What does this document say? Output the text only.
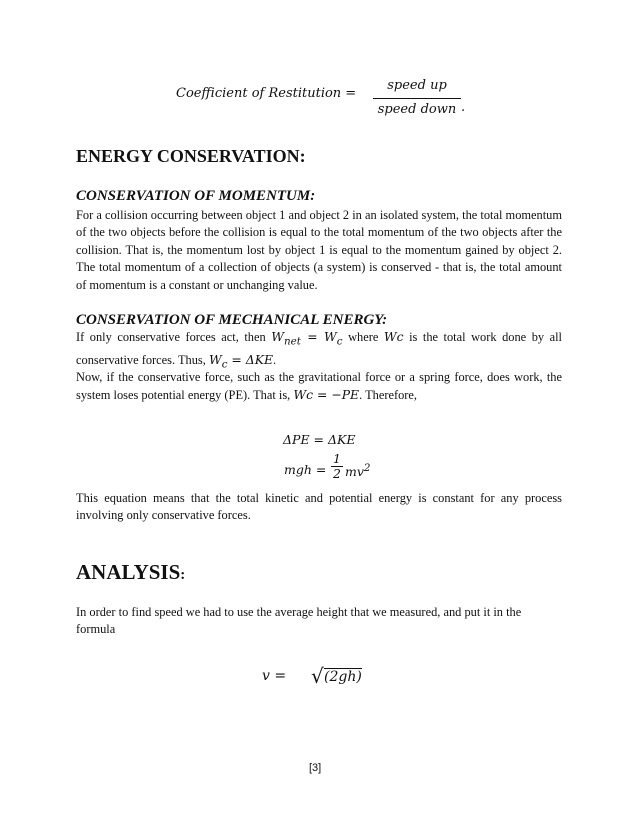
Coefficient of Restitution =
speed up
speed down .
ENERGY CONSERVATION:
CONSERVATION OF MOMENTUM:

For a collision occurring between object 1 and object 2 in an isolated system, the total momentum of the two objects before the collision is equal to the total momentum of the two objects after the collision. That is, the momentum lost by object 1 is equal to the momentum gained by object 2. The total momentum of a collection of objects (a system) is conserved - that is, the total amount of momentum is a constant or unchanging value.

CONSERVATION OF MECHANICAL ENERGY:

If only conservative forces act, then $W_{net} = W_c$ where Wc is the total work done by all conservative forces. Thus, $W_c = \Delta KE$.

Now, if the conservative force, such as the gravitational force or a spring force, does work, the system loses potential energy (PE). That is, Wc = −PE. Therefore,

ΔPE = ΔKE
mgh =
1
2 $mv^2$

This equation means that the total kinetic and potential energy is constant for any process involving only conservative forces.

ANALYSIS:

In order to find speed we had to use the average height that we measured, and put it in the formula

v = √ (2gh)
[3]
